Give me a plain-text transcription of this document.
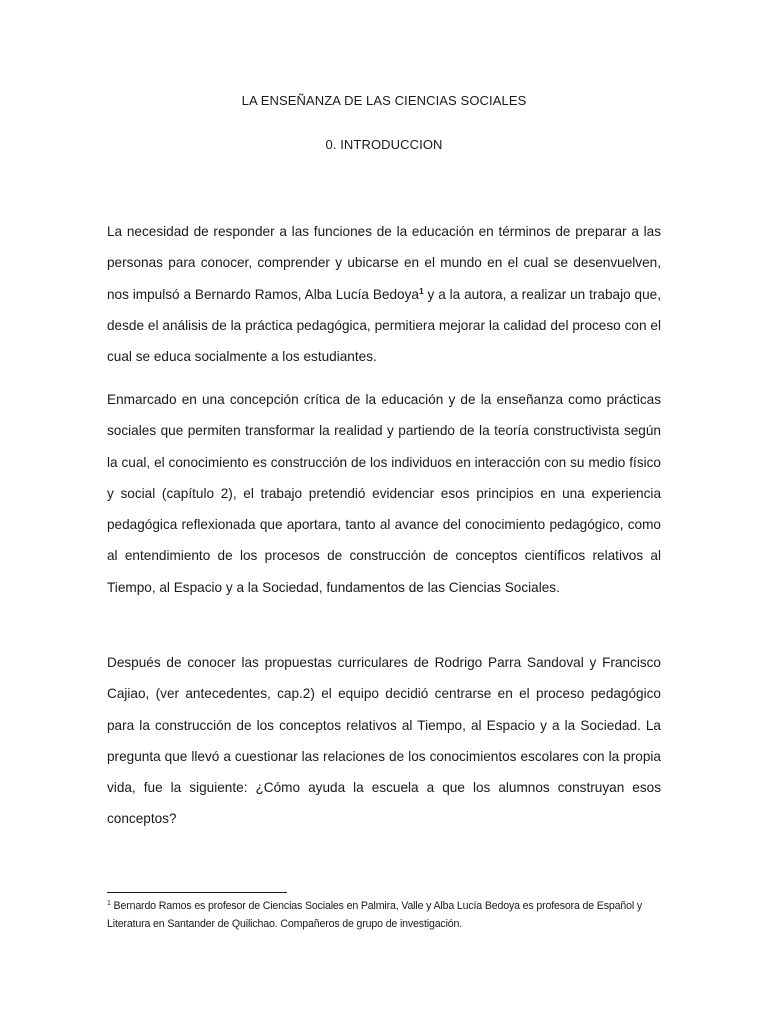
LA ENSEÑANZA DE LAS CIENCIAS SOCIALES
0. INTRODUCCION

La necesidad de responder a las funciones de la educación en términos de preparar a las personas para conocer, comprender y ubicarse en el mundo en el cual se desenvuelven, nos impulsó a Bernardo Ramos, Alba Lucía Bedoya$^1$ y a la autora, a realizar un trabajo que, desde el análisis de la práctica pedagógica, permitiera mejorar la calidad del proceso con el cual se educa socialmente a los estudiantes.

Enmarcado en una concepción crítica de la educación y de la enseñanza como prácticas sociales que permiten transformar la realidad y partiendo de la teoría constructivista según la cual, el conocimiento es construcción de los individuos en interacción con su medio físico y social (capítulo 2), el trabajo pretendió evidenciar esos principios en una experiencia pedagógica reflexionada que aportara, tanto al avance del conocimiento pedagógico, como al entendimiento de los procesos de construcción de conceptos científicos relativos al Tiempo, al Espacio y a la Sociedad, fundamentos de las Ciencias Sociales.

Después de conocer las propuestas curriculares de Rodrigo Parra Sandoval y Francisco Cajiao, (ver antecedentes, cap.2) el equipo decidió centrarse en el proceso pedagógico para la construcción de los conceptos relativos al Tiempo, al Espacio y a la Sociedad. La pregunta que llevó a cuestionar las relaciones de los conocimientos escolares con la propia vida, fue la siguiente: ¿Cómo ayuda la escuela a que los alumnos construyan esos conceptos?

$^1$ Bernardo Ramos es profesor de Ciencias Sociales en Palmira, Valle y Alba Lucía Bedoya es profesora de Español y Literatura en Santander de Quilichao. Compañeros de grupo de investigación.
